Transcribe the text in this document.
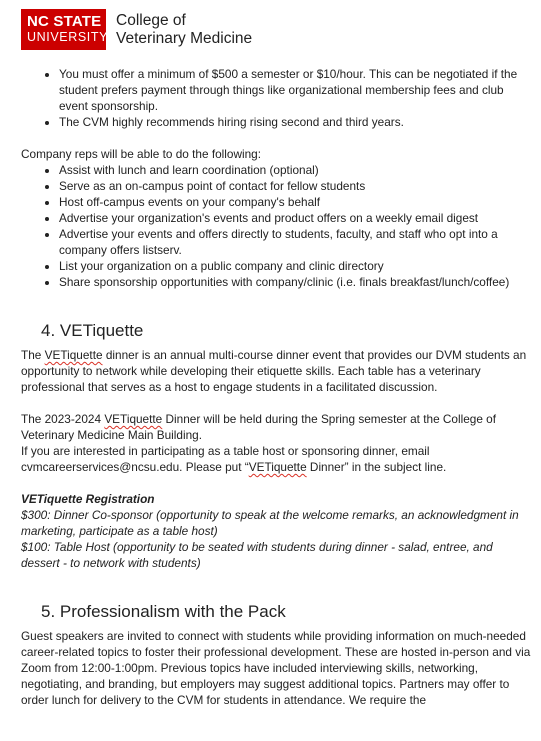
NC STATE
UNIVERSITY
College of
Veterinary Medicine
• You must offer a minimum of $500 a semester or $10/hour. This can be negotiated if the student prefers payment through things like organizational membership fees and club event sponsorship.
• The CVM highly recommends hiring rising second and third years.

Company reps will be able to do the following:

• Assist with lunch and learn coordination (optional)
• Serve as an on-campus point of contact for fellow students
• Host off-campus events on your company's behalf
• Advertise your organization's events and product offers on a weekly email digest
• Advertise your events and offers directly to students, faculty, and staff who opt into a company offers listserv.
• List your organization on a public company and clinic directory
• Share sponsorship opportunities with company/clinic (i.e. finals breakfast/lunch/coffee)
4. VETiquette

The VETiquette dinner is an annual multi-course dinner event that provides our DVM students an opportunity to network while developing their etiquette skills. Each table has a veterinary professional that serves as a host to engage students in a facilitated discussion.

The 2023-2024 VETiquette Dinner will be held during the Spring semester at the College of Veterinary Medicine Main Building.

If you are interested in participating as a table host or sponsoring dinner, email cvmcareerservices@ncsu.edu. Please put “VETiquette Dinner” in the subject line.

VETiquette Registration

$300: Dinner Co-sponsor (opportunity to speak at the welcome remarks, an acknowledgment in marketing, participate as a table host)

$100: Table Host (opportunity to be seated with students during dinner - salad, entree, and dessert - to network with students)

5. Professionalism with the Pack

Guest speakers are invited to connect with students while providing information on much-needed career-related topics to foster their professional development. These are hosted in-person and via Zoom from 12:00-1:00pm. Previous topics have included interviewing skills, networking, negotiating, and branding, but employers may suggest additional topics. Partners may offer to order lunch for delivery to the CVM for students in attendance. We require the
